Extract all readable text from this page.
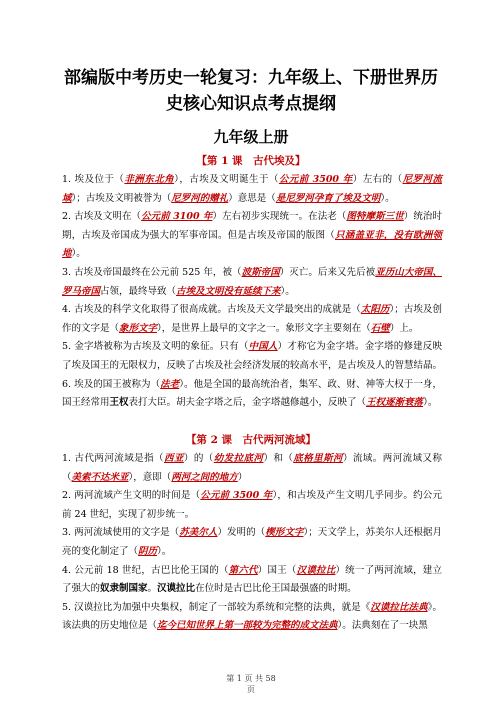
部编版中考历史一轮复习：九年级上、下册世界历
史核心知识点考点提纲
九年级上册
【第 1 课　古代埃及】

1. 埃及位于（非洲东北角），古埃及文明诞生于（公元前 3500 年）左右的（尼罗河流域）；古埃及文明被誉为（尼罗河的赠礼）意思是（是尼罗河孕育了埃及文明）。

2. 古埃及文明在（公元前 3100 年）左右初步实现统一。在法老（图特摩斯三世）统治时期，古埃及帝国成为强大的军事帝国。但是古埃及帝国的版图（只涵盖亚非，没有欧洲领地）。

3. 古埃及帝国最终在公元前 525 年，被（波斯帝国）灭亡。后来又先后被亚历山大帝国、罗马帝国占领，最终导致（古埃及文明没有延续下来）。

4. 古埃及的科学文化取得了很高成就。古埃及天文学最突出的成就是（太阳历）；古埃及创作的文字是（象形文字），是世界上最早的文字之一。象形文字主要刻在（石壁）上。

5. 金字塔被称为古埃及文明的象征。只有（中国人）才称它为金字塔。金字塔的修建反映了埃及国王的无限权力，反映了古埃及社会经济发展的较高水平，是古埃及人的智慧结晶。

6. 埃及的国王被称为（法老）。他是全国的最高统治者，集军、政、财、神等大权于一身，国王经常用王权表打大臣。胡夫金字塔之后，金字塔越修越小，反映了（王权逐渐衰落）。

【第 2 课　古代两河流域】

1. 古代两河流域是指（西亚）的（幼发拉底河）和（底格里斯河）流域。两河流域又称（美索不达米亚），意即（两河之间的地方）

2. 两河流域产生文明的时间是（公元前 3500 年），和古埃及产生文明几乎同步。约公元前 24 世纪，实现了初步统一。

3. 两河流域使用的文字是（苏美尔人）发明的（楔形文字）；天文学上，苏美尔人还根据月亮的变化制定了（阴历）。

4. 公元前 18 世纪，古巴比伦王国的（第六代）国王（汉谟拉比）统一了两河流域，建立了强大的奴隶制国家。汉谟拉比在位时是古巴比伦王国最强盛的时期。

5. 汉谟拉比为加强中央集权，制定了一部较为系统和完整的法典，就是《汉谟拉比法典》。该法典的历史地位是（迄今已知世界上第一部较为完整的成文法典）。法典刻在了一块黑

第 1 页 共 58
页
